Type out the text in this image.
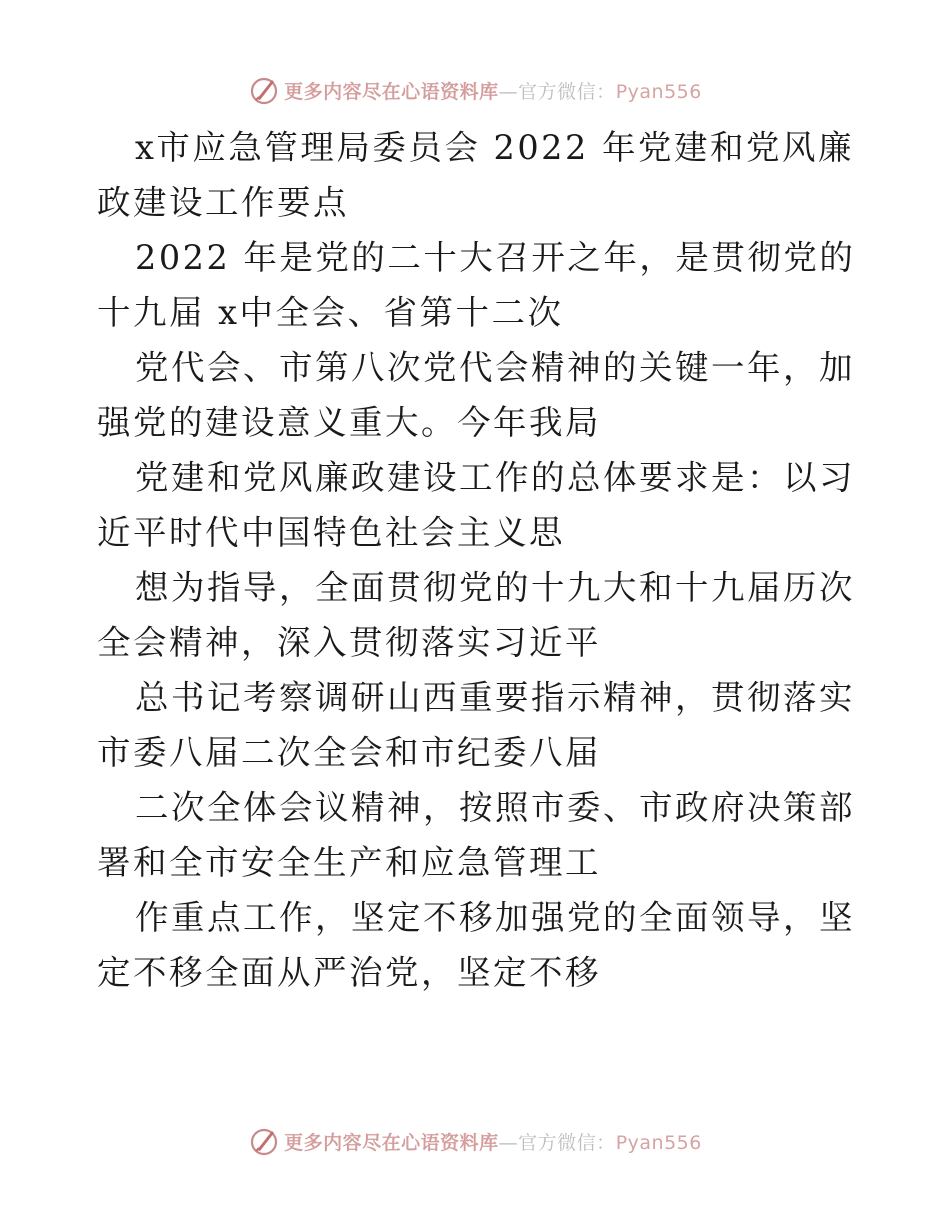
更多内容尽在心语资料库—官方微信：Pyan556

x市应急管理局委员会 2022 年党建和党风廉政建设工作要点

2022 年是党的二十大召开之年，是贯彻党的十九届 x中全会、省第十二次

党代会、市第八次党代会精神的关键一年，加强党的建设意义重大。今年我局

党建和党风廉政建设工作的总体要求是：以习近平时代中国特色社会主义思

想为指导，全面贯彻党的十九大和十九届历次全会精神，深入贯彻落实习近平

总书记考察调研山西重要指示精神，贯彻落实市委八届二次全会和市纪委八届

二次全体会议精神，按照市委、市政府决策部署和全市安全生产和应急管理工

作重点工作，坚定不移加强党的全面领导，坚定不移全面从严治党，坚定不移

更多内容尽在心语资料库—官方微信：Pyan556
